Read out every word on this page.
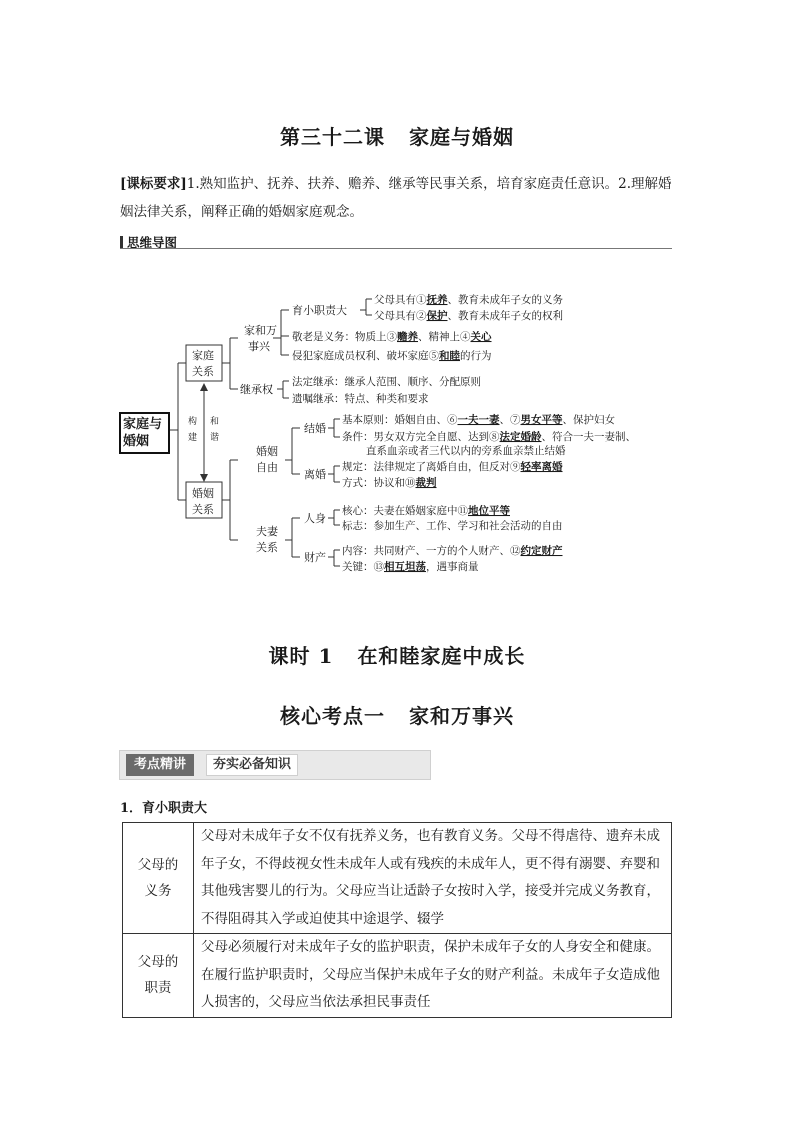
第三十二课 家庭与婚姻
[课标要求]1.熟知监护、抚养、扶养、赡养、继承等民事关系，培育家庭责任意识。2.理解婚姻法律关系，阐释正确的婚姻家庭观念。
思维导图
家庭与
婚姻
家庭
关系
婚姻
关系
构
建
和
谐
家和万
事兴
继承权
婚姻
自由
夫妻
关系
育小职责大
结婚
离婚
人身
财产
父母具有①抚养、教育未成年子女的义务
父母具有②保护、教育未成年子女的权利
敬老是义务：物质上③赡养、精神上④关心
侵犯家庭成员权利、破坏家庭⑤和睦的行为
法定继承：继承人范围、顺序、分配原则
遗嘱继承：特点、种类和要求
基本原则：婚姻自由、⑥一夫一妻、⑦男女平等、保护妇女
条件：男女双方完全自愿、达到⑧法定婚龄、符合一夫一妻制、
直系血亲或者三代以内的旁系血亲禁止结婚
规定：法律规定了离婚自由，但反对⑨轻率离婚
方式：协议和⑩裁判
核心：夫妻在婚姻家庭中⑪地位平等
标志：参加生产、工作、学习和社会活动的自由
内容：共同财产、一方的个人财产、⑫约定财产
关键：⑬相互坦荡，遇事商量
课时 1 在和睦家庭中成长
核心考点一 家和万事兴
考点精讲	夯实必备知识
1．育小职责大
父母的
义务	父母对未成年子女不仅有抚养义务，也有教育义务。父母不得虐待、遗弃未成年子女，不得歧视女性未成年人或有残疾的未成年人，更不得有溺婴、弃婴和其他残害婴儿的行为。父母应当让适龄子女按时入学，接受并完成义务教育，不得阻碍其入学或迫使其中途退学、辍学
父母的
职责	父母必须履行对未成年子女的监护职责，保护未成年子女的人身安全和健康。在履行监护职责时，父母应当保护未成年子女的财产利益。未成年子女造成他人损害的，父母应当依法承担民事责任
